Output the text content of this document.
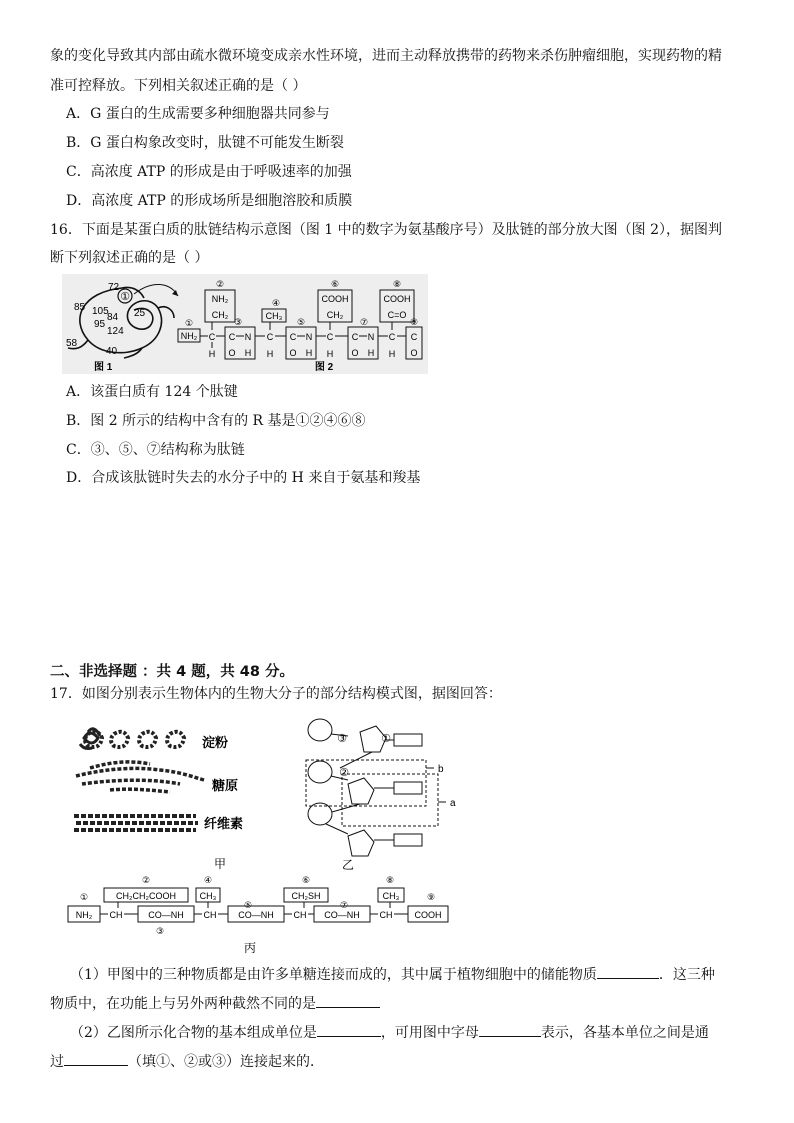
象的变化导致其内部由疏水微环境变成亲水性环境，进而主动释放携带的药物来杀伤肿瘤细胞，实现药物的精
准可控释放。下列相关叙述正确的是（ ）
A．G 蛋白的生成需要多种细胞器共同参与
B．G 蛋白构象改变时，肽键不可能发生断裂
C．高浓度 ATP 的形成是由于呼吸速率的加强
D．高浓度 ATP 的形成场所是细胞溶胶和质膜
16．下面是某蛋白质的肽链结构示意图（图 1 中的数字为氨基酸序号）及肽链的部分放大图（图 2），据图判
断下列叙述正确的是（ ）
①
72
85 105
84
95
124
25
58
40
图 1
①
②
③
④
⑤
⑥
⑦
⑧
⑨
NH₂ C
H
NH₂
CH₂
C N
O H
C
H
CH₃
C N
O H
C
H
COOH
CH₂
C N
O H
C
H
COOH
C=O
C
O
图 2
A．该蛋白质有 124 个肽键
B．图 2 所示的结构中含有的 R 基是①②④⑥⑧
C．③、⑤、⑦结构称为肽链
D．合成该肽链时失去的水分子中的 H 来自于氨基和羧基
二、非选择题 ：共 4 题，共 48 分。
17．如图分别表示生物体内的生物大分子的部分结构模式图，据图回答：
淀粉
糖原
纤维素
甲
③	①
②	b
a
乙
①
②
③
④
⑤
⑥
⑦
⑧
⑨
NH₂
CH₂CH₂COOH
CH	CO—NH
CH₃
CH CO—NH
CH₂SH
CH CO—NH
CH₃
CH COOH
丙
（1）甲图中的三种物质都是由许多单糖连接而成的，其中属于植物细胞中的储能物质	．这三种
物质中，在功能上与另外两种截然不同的是
（2）乙图所示化合物的基本组成单位是	，可用图中字母	表示，各基本单位之间是通
过	（填①、②或③）连接起来的．
